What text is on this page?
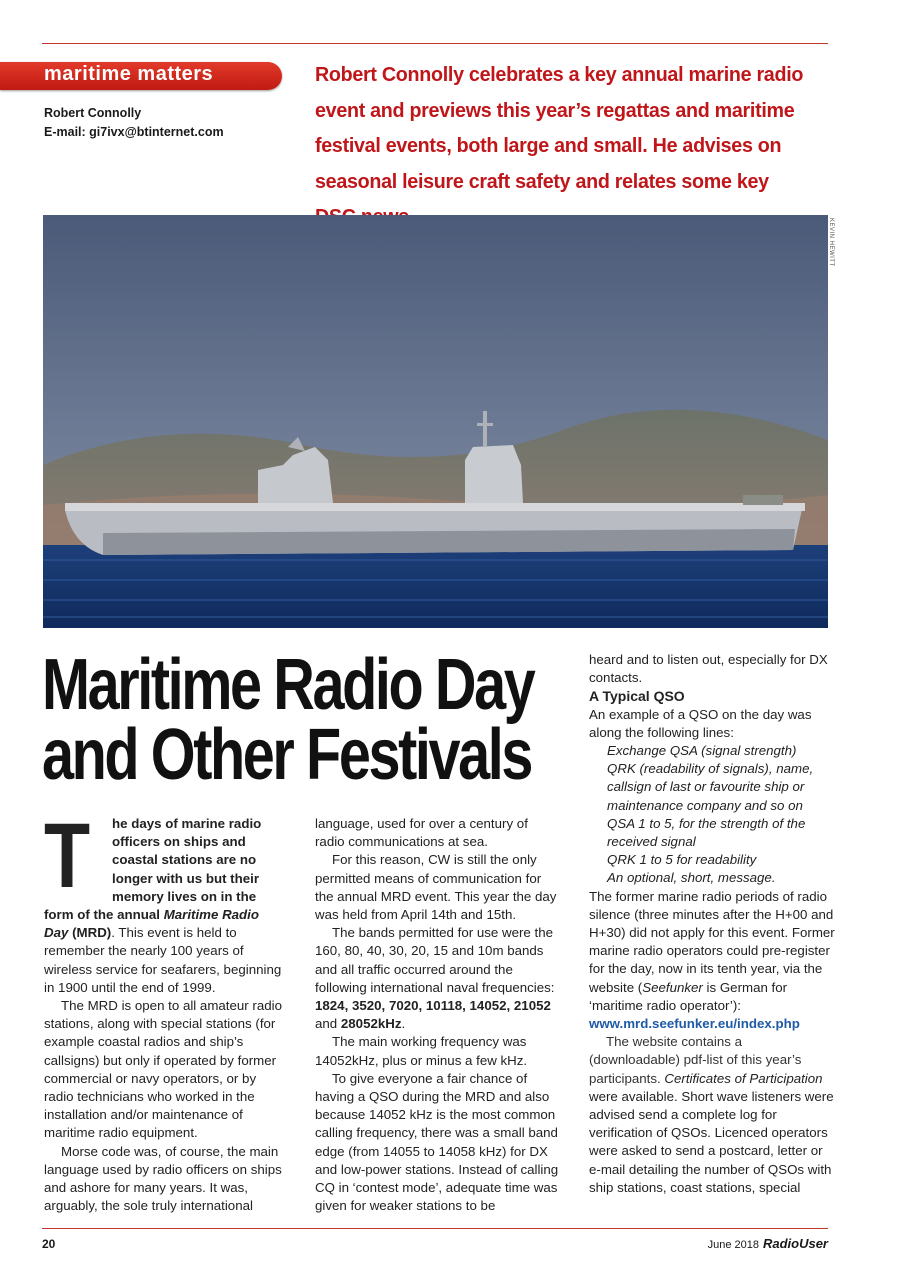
maritime matters
Robert Connolly
E-mail: gi7ivx@btinternet.com
Robert Connolly celebrates a key annual marine radio event and previews this year’s regattas and maritime festival events, both large and small. He advises on seasonal leisure craft safety and relates some key
KEVIN HEWITT
Maritime Radio Day
and Other Festivals

T he days of marine radio officers on ships and coastal stations are no longer with us but their memory lives on in the form of the annual Maritime Radio Day (MRD). This event is held to remember the nearly 100 years of wireless service for seafarers, beginning in 1900 until the end of 1999.

The MRD is open to all amateur radio stations, along with special stations (for example coastal radios and ship’s callsigns) but only if operated by former commercial or navy operators, or by radio technicians who worked in the installation and/or maintenance of maritime radio equipment.

Morse code was, of course, the main language used by radio officers on ships and ashore for many years. It was, arguably, the sole truly international

language, used for over a century of radio communications at sea.

For this reason, CW is still the only permitted means of communication for the annual MRD event. This year the day was held from April 14th and 15th.

The bands permitted for use were the 160, 80, 40, 30, 20, 15 and 10m bands and all traffic occurred around the following international naval frequencies: 1824, 3520, 7020, 10118, 14052, 21052 and 28052kHz.

The main working frequency was 14052kHz, plus or minus a few kHz.

To give everyone a fair chance of having a QSO during the MRD and also because 14052 kHz is the most common calling frequency, there was a small band edge (from 14055 to 14058 kHz) for DX and low-power stations. Instead of calling CQ in ‘contest mode’, adequate time was given for weaker stations to be

heard and to listen out, especially for DX contacts.

A Typical QSO

An example of a QSO on the day was along the following lines:

Exchange QSA (signal strength)

QRK (readability of signals), name, callsign of last or favourite ship or maintenance company and so on

QSA 1 to 5, for the strength of the received signal

QRK 1 to 5 for readability

An optional, short, message.

The former marine radio periods of radio silence (three minutes after the H+00 and H+30) did not apply for this event. Former marine radio operators could pre-register for the day, now in its tenth year, via the website (Seefunker is German for ‘maritime radio operator’):

www.mrd.seefunker.eu/index.php

The website contains a (downloadable) pdf-list of this year’s participants. Certificates of Participation were available. Short wave listeners were advised send a complete log for verification of QSOs. Licenced operators were asked to send a postcard, letter or e-mail detailing the number of QSOs with ship stations, coast stations, special

20	June 2018 RadioUser
